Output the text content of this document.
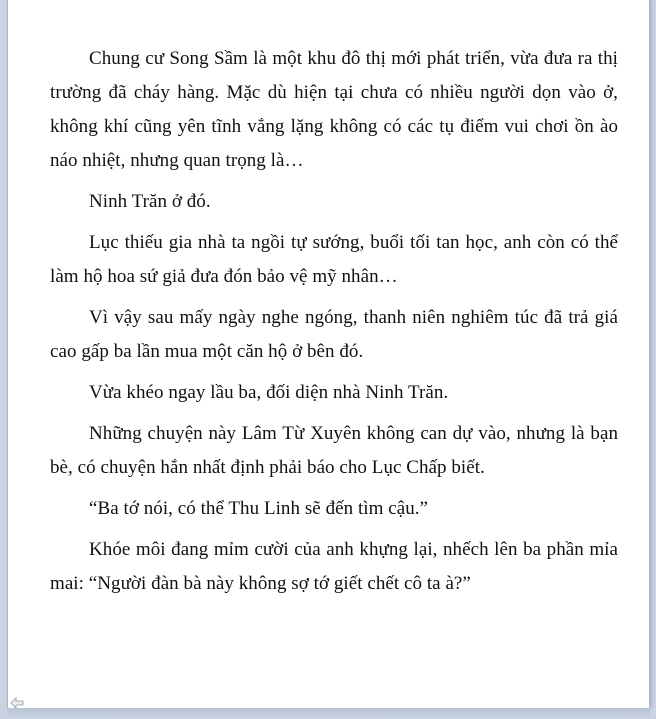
Chung cư Song Sầm là một khu đô thị mới phát triển, vừa đưa ra thị trường đã cháy hàng. Mặc dù hiện tại chưa có nhiều người dọn vào ở, không khí cũng yên tĩnh vắng lặng không có các tụ điểm vui chơi ồn ào náo nhiệt, nhưng quan trọng là…

Ninh Trăn ở đó.

Lục thiếu gia nhà ta ngồi tự sướng, buổi tối tan học, anh còn có thể làm hộ hoa sứ giả đưa đón bảo vệ mỹ nhân…

Vì vậy sau mấy ngày nghe ngóng, thanh niên nghiêm túc đã trả giá cao gấp ba lần mua một căn hộ ở bên đó.

Vừa khéo ngay lầu ba, đối diện nhà Ninh Trăn.

Những chuyện này Lâm Từ Xuyên không can dự vào, nhưng là bạn bè, có chuyện hắn nhất định phải báo cho Lục Chấp biết.

“Ba tớ nói, có thể Thu Linh sẽ đến tìm cậu.”

Khóe môi đang mỉm cười của anh khựng lại, nhếch lên ba phần mỉa mai: “Người đàn bà này không sợ tớ giết chết cô ta à?”
